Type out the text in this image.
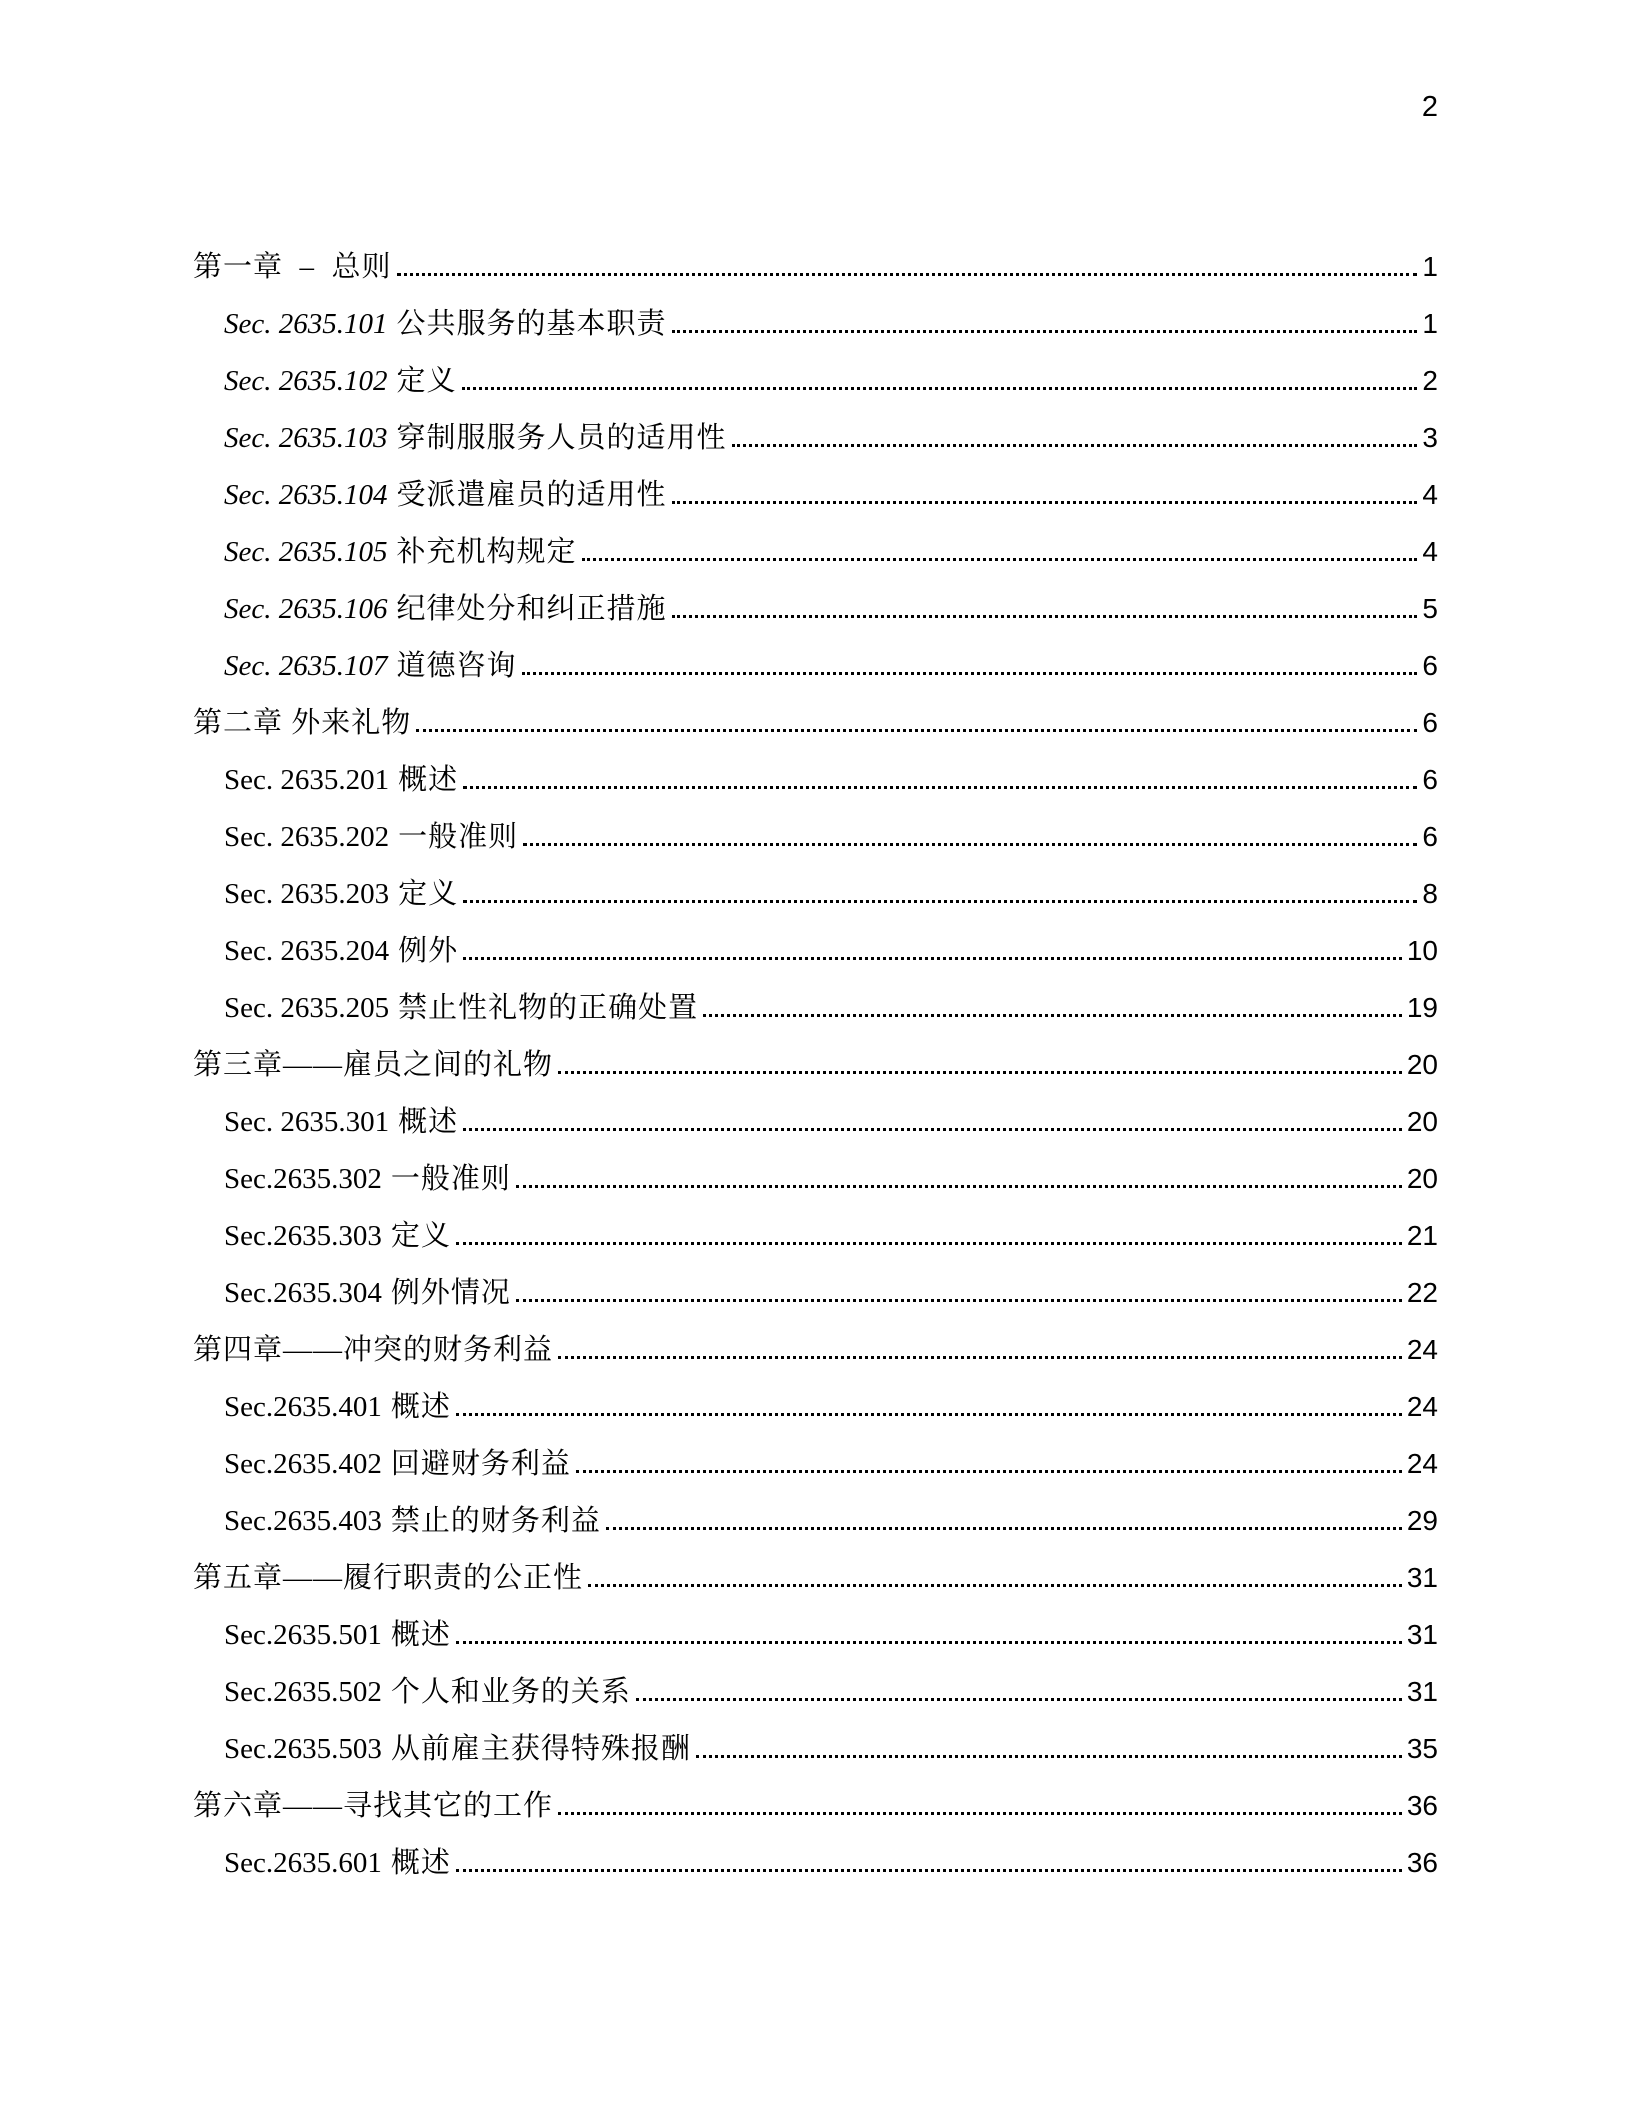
2
第一章  –  总则	1
Sec. 2635.101 公共服务的基本职责	1
Sec. 2635.102 定义	2
Sec. 2635.103 穿制服服务人员的适用性	3
Sec. 2635.104 受派遣雇员的适用性	4
Sec. 2635.105 补充机构规定	4
Sec. 2635.106 纪律处分和纠正措施	5
Sec. 2635.107 道德咨询	6
第二章 外来礼物	6
Sec. 2635.201 概述	6
Sec. 2635.202 一般准则	6
Sec. 2635.203 定义	8
Sec. 2635.204 例外	10
Sec. 2635.205 禁止性礼物的正确处置	19
第三章——雇员之间的礼物	20
Sec. 2635.301 概述	20
Sec.2635.302 一般准则	20
Sec.2635.303 定义	21
Sec.2635.304 例外情况	22
第四章——冲突的财务利益	24
Sec.2635.401 概述	24
Sec.2635.402 回避财务利益	24
Sec.2635.403 禁止的财务利益	29
第五章——履行职责的公正性	31
Sec.2635.501 概述	31
Sec.2635.502 个人和业务的关系	31
Sec.2635.503 从前雇主获得特殊报酬	35
第六章——寻找其它的工作	36
Sec.2635.601 概述	36
